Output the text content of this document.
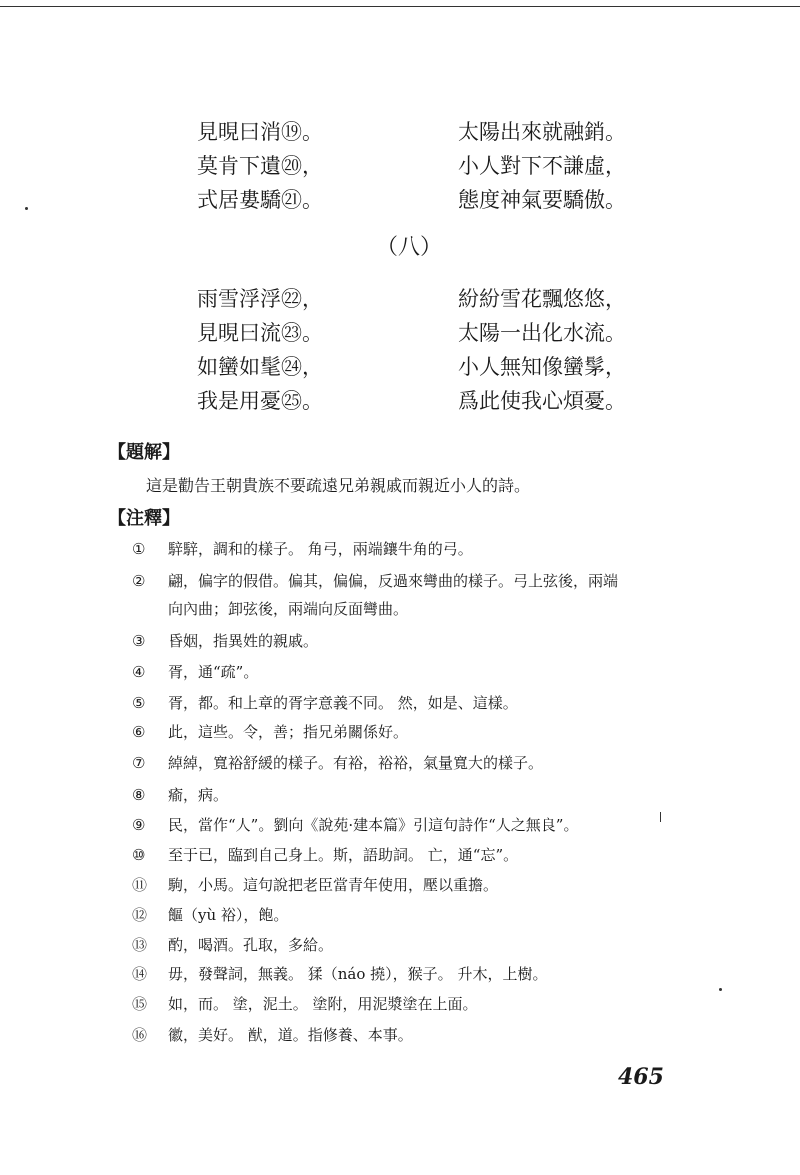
見晛曰消⑲。	太陽出來就融銷。
莫肯下遺⑳，	小人對下不謙虛，
式居婁驕㉑。	態度神氣要驕傲。
（八）
雨雪浮浮㉒，	紛紛雪花飄悠悠，
見晛曰流㉓。	太陽一出化水流。
如蠻如髦㉔，	小人無知像蠻髳，
我是用憂㉕。	爲此使我心煩憂。
【題解】
這是勸告王朝貴族不要疏遠兄弟親戚而親近小人的詩。
【注釋】
① 騂騂，調和的樣子。 角弓，兩端鑲牛角的弓。
② 翩，偏字的假借。偏其，偏偏，反過來彎曲的樣子。弓上弦後，兩端
向內曲；卸弦後，兩端向反面彎曲。
③ 昏姻，指異姓的親戚。
④ 胥，通“疏”。
⑤ 胥，都。和上章的胥字意義不同。 然，如是、這樣。
⑥ 此，這些。令，善；指兄弟關係好。
⑦ 綽綽，寬裕舒緩的樣子。有裕，裕裕，氣量寬大的樣子。
⑧ 瘉，病。
⑨ 民，當作“人”。劉向《說苑·建本篇》引這句詩作“人之無良”。
⑩ 至于已，臨到自己身上。斯，語助詞。 亡，通“忘”。
⑪ 駒，小馬。這句說把老臣當青年使用，壓以重擔。
⑫ 饇（yù 裕），飽。
⑬ 酌，喝酒。孔取，多給。
⑭ 毋，發聲詞，無義。 猱（náo 撓），猴子。 升木，上樹。
⑮ 如，而。 塗，泥土。 塗附，用泥漿塗在上面。
⑯ 徽，美好。 猷，道。指修養、本事。
465
